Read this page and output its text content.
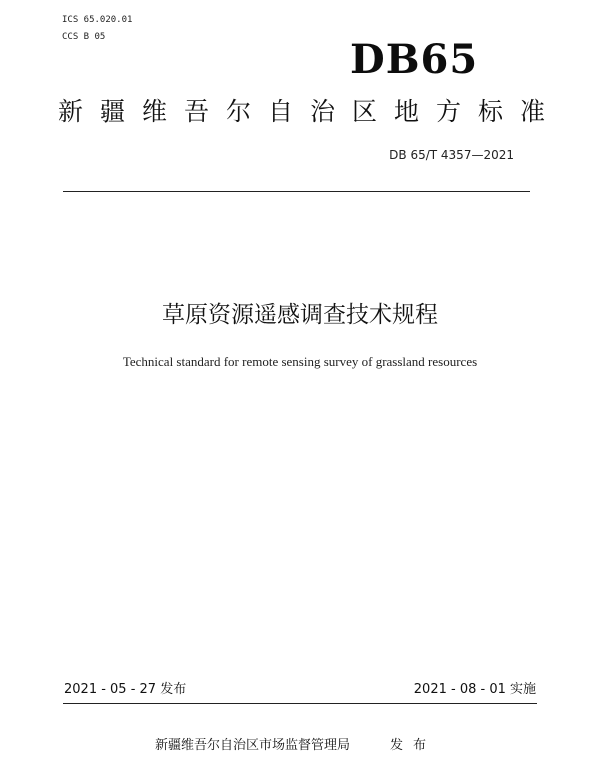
ICS 65.020.01
CCS B 05	DB65
新疆维吾尔自治区地方标准
DB 65/T 4357—2021
草原资源遥感调查技术规程
Technical standard for remote sensing survey of grassland resources
2021 - 05 - 27 发布	2021 - 08 - 01 实施
新疆维吾尔自治区市场监督管理局	发布
